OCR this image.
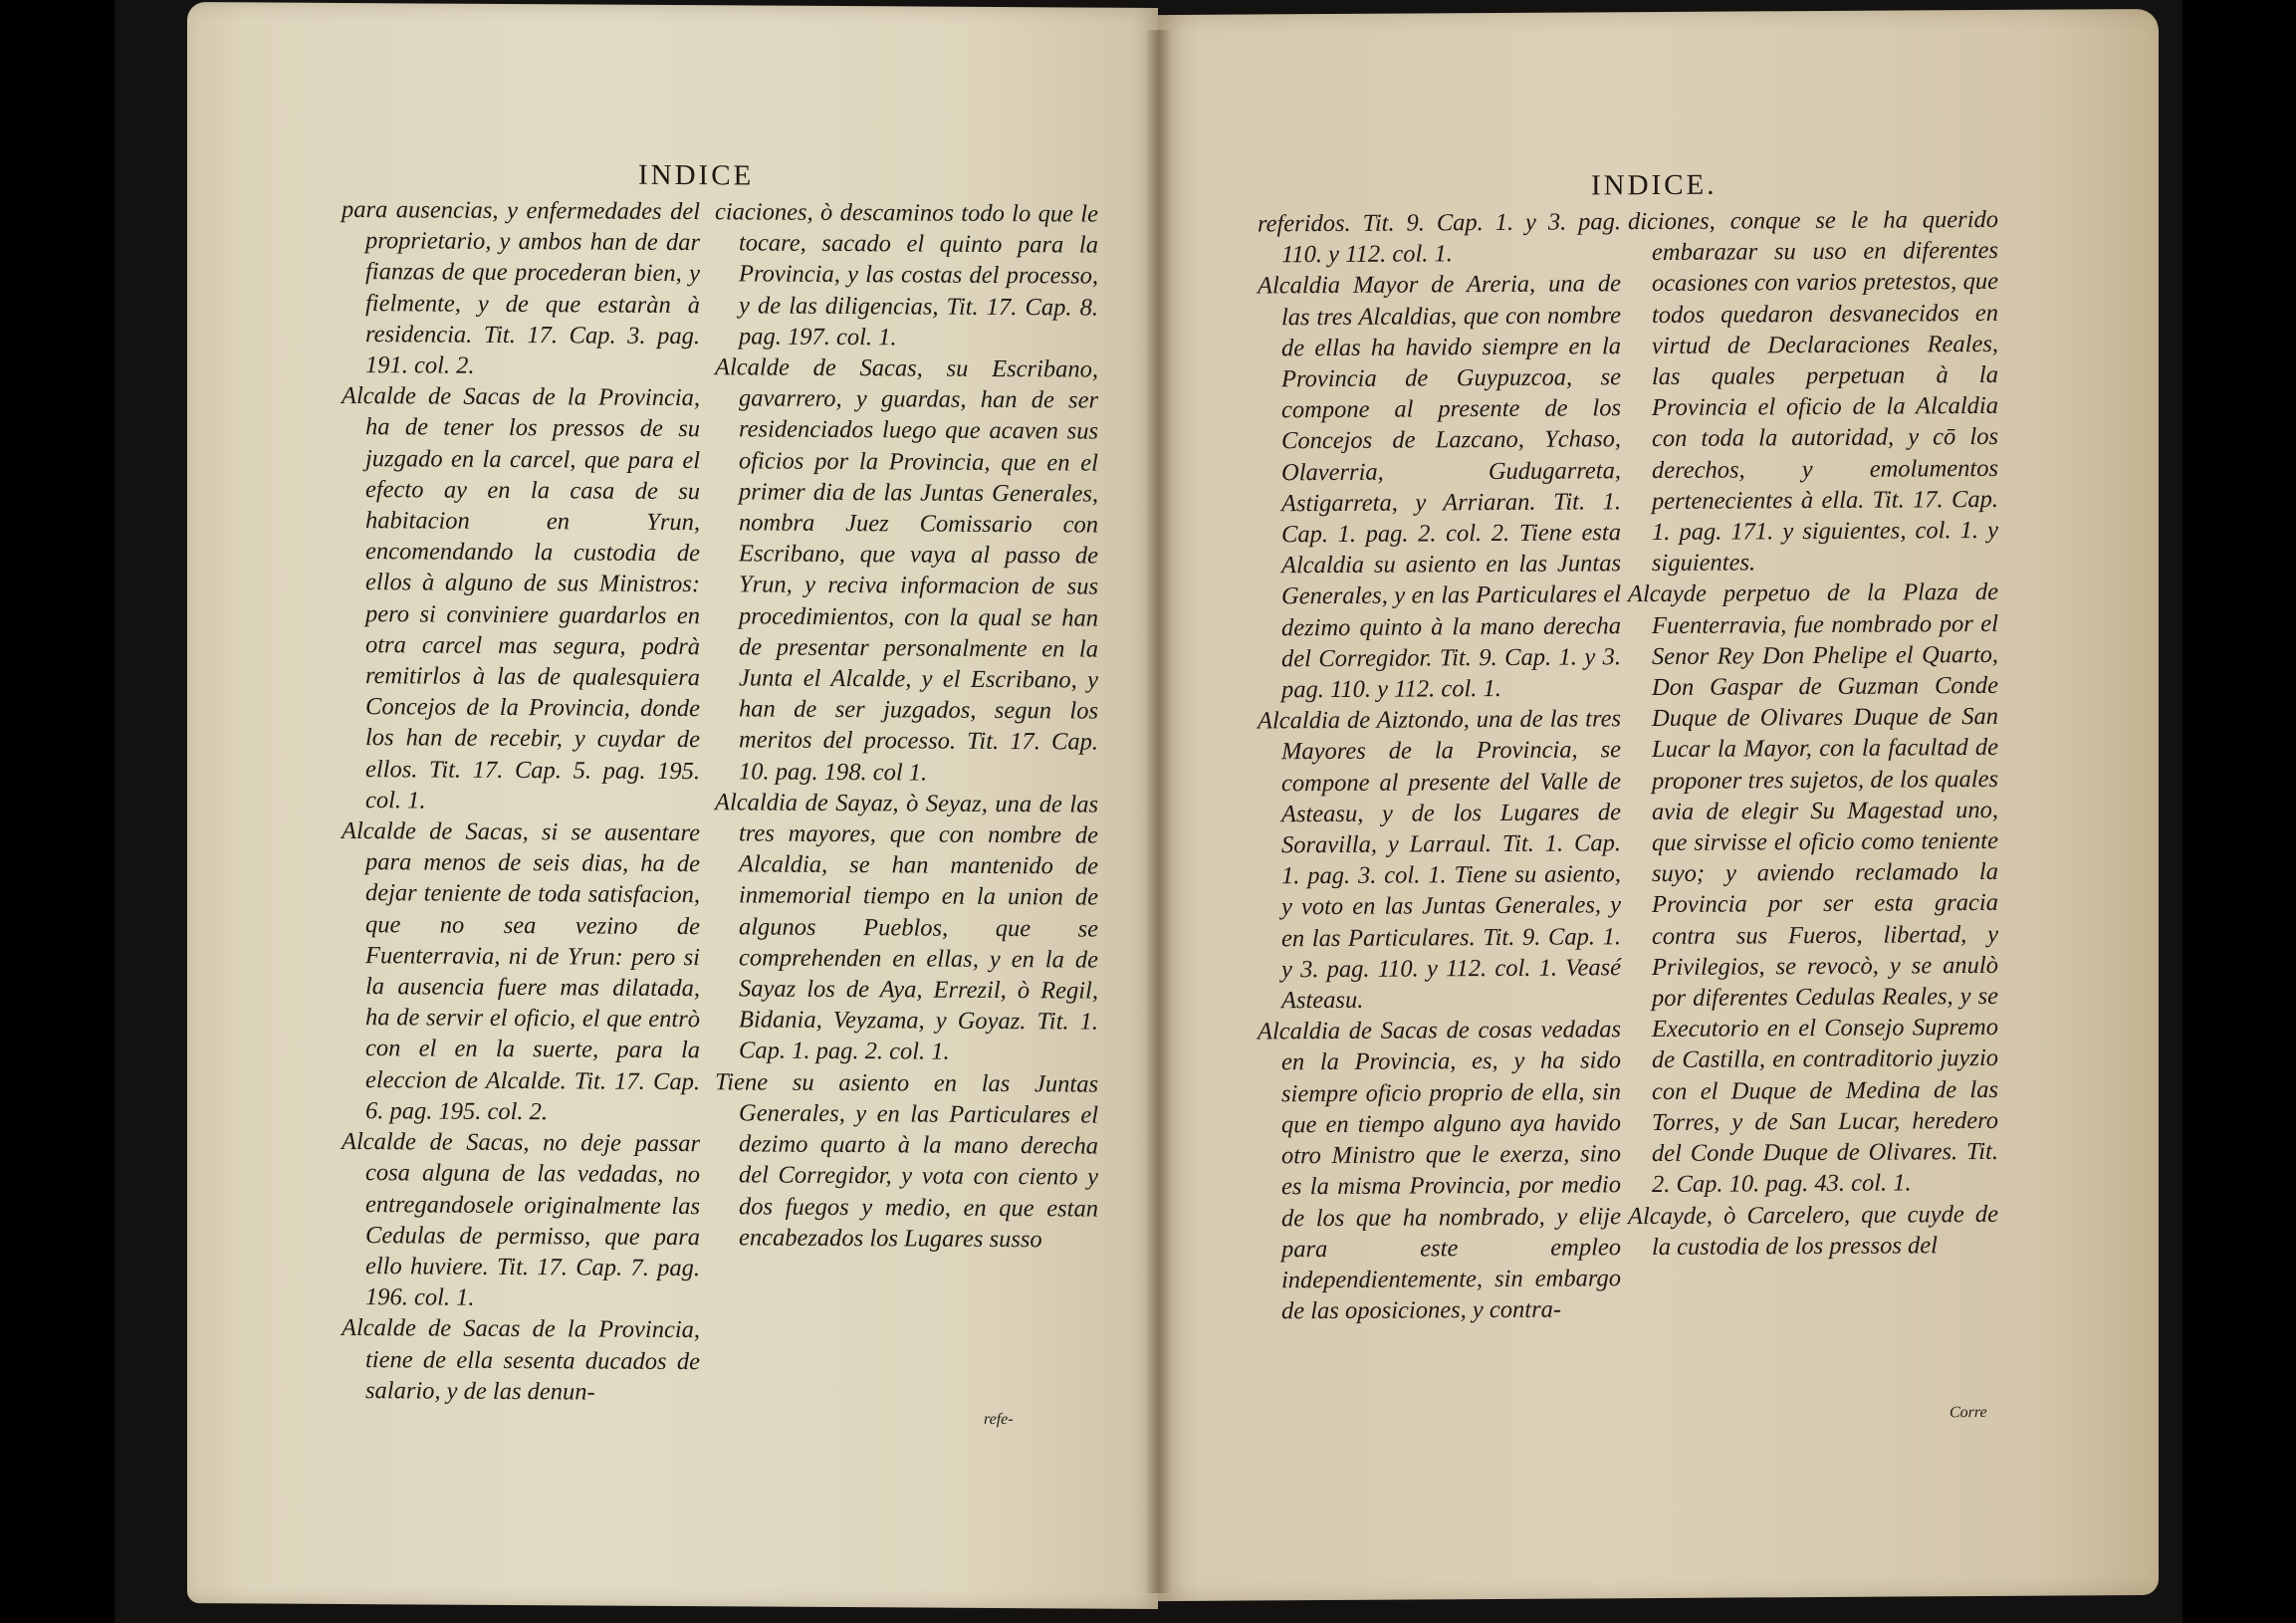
INDICE

para ausencias, y enfermedades del proprietario, y ambos han de dar fianzas de que procederan bien, y fielmente, y de que estaràn à residencia. Tit. 17. Cap. 3. pag. 191. col. 2.

Alcalde de Sacas de la Provincia, ha de tener los pressos de su juzgado en la carcel, que para el efecto ay en la casa de su habitacion en Yrun, encomendando la custodia de ellos à alguno de sus Ministros: pero si conviniere guardarlos en otra carcel mas segura, podrà remitirlos à las de qualesquiera Concejos de la Provincia, donde los han de recebir, y cuydar de ellos. Tit. 17. Cap. 5. pag. 195. col. 1.

Alcalde de Sacas, si se ausentare para menos de seis dias, ha de dejar teniente de toda satisfacion, que no sea vezino de Fuenterravia, ni de Yrun: pero si la ausencia fuere mas dilatada, ha de servir el oficio, el que entrò con el en la suerte, para la eleccion de Alcalde. Tit. 17. Cap. 6. pag. 195. col. 2.

Alcalde de Sacas, no deje passar cosa alguna de las vedadas, no entregandosele originalmente las Cedulas de permisso, que para ello huviere. Tit. 17. Cap. 7. pag. 196. col. 1.

Alcalde de Sacas de la Provincia, tiene de ella sesenta ducados de salario, y de las denun-

ciaciones, ò descaminos todo lo que le tocare, sacado el quinto para la Provincia, y las costas del processo, y de las diligencias, Tit. 17. Cap. 8. pag. 197. col. 1.

Alcalde de Sacas, su Escribano, gavarrero, y guardas, han de ser residenciados luego que acaven sus oficios por la Provincia, que en el primer dia de las Juntas Generales, nombra Juez Comissario con Escribano, que vaya al passo de Yrun, y reciva informacion de sus procedimientos, con la qual se han de presentar personalmente en la Junta el Alcalde, y el Escribano, y han de ser juzgados, segun los meritos del processo. Tit. 17. Cap. 10. pag. 198. col 1.

Alcaldia de Sayaz, ò Seyaz, una de las tres mayores, que con nombre de Alcaldia, se han mantenido de inmemorial tiempo en la union de algunos Pueblos, que se comprehenden en ellas, y en la de Sayaz los de Aya, Errezil, ò Regil, Bidania, Veyzama, y Goyaz. Tit. 1. Cap. 1. pag. 2. col. 1.

Tiene su asiento en las Juntas Generales, y en las Particulares el dezimo quarto à la mano derecha del Corregidor, y vota con ciento y dos fuegos y medio, en que estan encabezados los Lugares susso

refe-
INDICE.

referidos. Tit. 9. Cap. 1. y 3. pag. 110. y 112. col. 1.

Alcaldia Mayor de Areria, una de las tres Alcaldias, que con nombre de ellas ha havido siempre en la Provincia de Guypuzcoa, se compone al presente de los Concejos de Lazcano, Ychaso, Olaverria, Gudugarreta, Astigarreta, y Arriaran. Tit. 1. Cap. 1. pag. 2. col. 2. Tiene esta Alcaldia su asiento en las Juntas Generales, y en las Particulares el dezimo quinto à la mano derecha del Corregidor. Tit. 9. Cap. 1. y 3. pag. 110. y 112. col. 1.

Alcaldia de Aiztondo, una de las tres Mayores de la Provincia, se compone al presente del Valle de Asteasu, y de los Lugares de Soravilla, y Larraul. Tit. 1. Cap. 1. pag. 3. col. 1. Tiene su asiento, y voto en las Juntas Generales, y en las Particulares. Tit. 9. Cap. 1. y 3. pag. 110. y 112. col. 1. Veasé Asteasu.

Alcaldia de Sacas de cosas vedadas en la Provincia, es, y ha sido siempre oficio proprio de ella, sin que en tiempo alguno aya havido otro Ministro que le exerza, sino es la misma Provincia, por medio de los que ha nombrado, y elije para este empleo independientemente, sin embargo de las oposiciones, y contra-

diciones, conque se le ha querido embarazar su uso en diferentes ocasiones con varios pretestos, que todos quedaron desvanecidos en virtud de Declaraciones Reales, las quales perpetuan à la Provincia el oficio de la Alcaldia con toda la autoridad, y cō los derechos, y emolumentos pertenecientes à ella. Tit. 17. Cap. 1. pag. 171. y siguientes, col. 1. y siguientes.

Alcayde perpetuo de la Plaza de Fuenterravia, fue nombrado por el Senor Rey Don Phelipe el Quarto, Don Gaspar de Guzman Conde Duque de Olivares Duque de San Lucar la Mayor, con la facultad de proponer tres sujetos, de los quales avia de elegir Su Magestad uno, que sirvisse el oficio como teniente suyo; y aviendo reclamado la Provincia por ser esta gracia contra sus Fueros, libertad, y Privilegios, se revocò, y se anulò por diferentes Cedulas Reales, y se Executorio en el Consejo Supremo de Castilla, en contraditorio juyzio con el Duque de Medina de las Torres, y de San Lucar, heredero del Conde Duque de Olivares. Tit. 2. Cap. 10. pag. 43. col. 1.

Alcayde, ò Carcelero, que cuyde de la custodia de los pressos del

Corre
